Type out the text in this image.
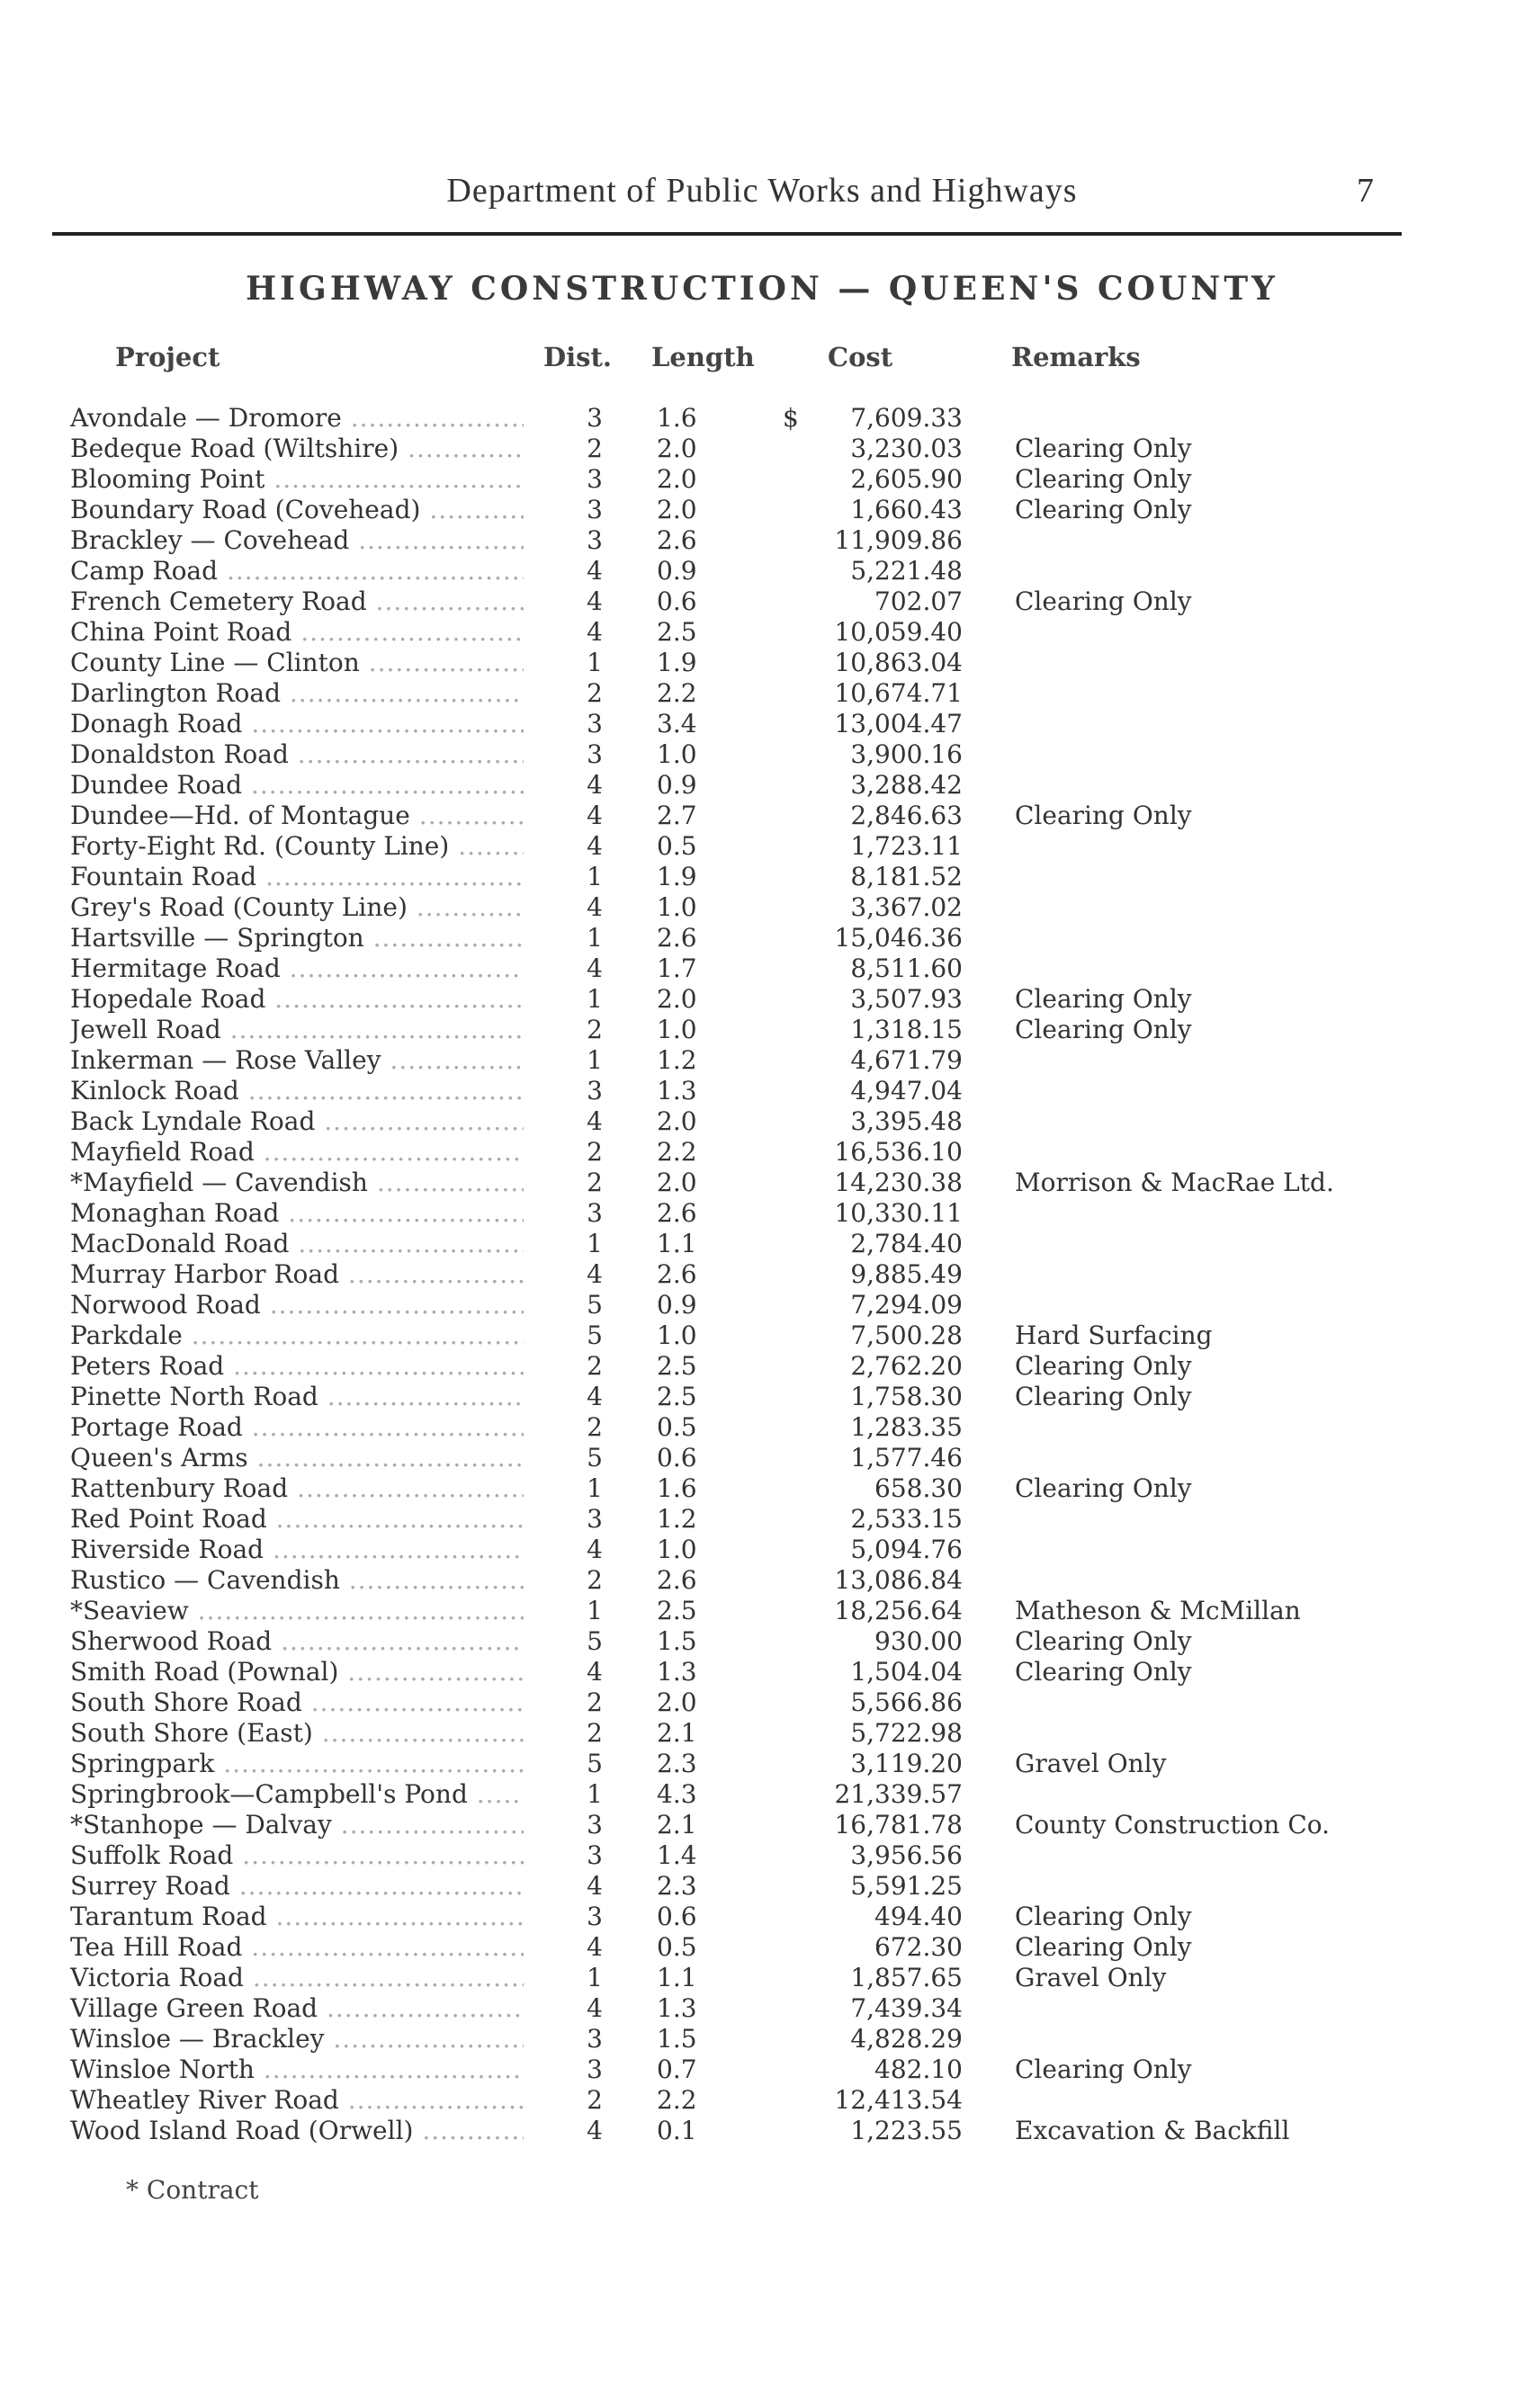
Department of Public Works and Highways	7
HIGHWAY CONSTRUCTION — QUEEN'S COUNTY
Project	Dist. Length	Cost	Remarks
$
Avondale — Dromore .....	3 1.6	7,609.33
Bedeque Road (Wiltshire) .....	2 2.0	3,230.03 Clearing Only
Blooming Point .....	3 2.0	2,605.90 Clearing Only
Boundary Road (Covehead) .....	3 2.0	1,660.43 Clearing Only
Brackley — Covehead .....	3 2.6	11,909.86
Camp Road .....	4 0.9	5,221.48
French Cemetery Road .....	4 0.6	702.07 Clearing Only
China Point Road .....	4 2.5	10,059.40
County Line — Clinton .....	1 1.9	10,863.04
Darlington Road .....	2 2.2	10,674.71
Donagh Road .....	3 3.4	13,004.47
Donaldston Road .....	3 1.0	3,900.16
Dundee Road .....	4 0.9	3,288.42
Dundee—Hd. of Montague .....	4 2.7	2,846.63 Clearing Only
Forty-Eight Rd. (County Line) .....	4 0.5	1,723.11
Fountain Road .....	1 1.9	8,181.52
Grey's Road (County Line) .....	4 1.0	3,367.02
Hartsville — Springton .....	1 2.6	15,046.36
Hermitage Road .....	4 1.7	8,511.60
Hopedale Road .....	1 2.0	3,507.93 Clearing Only
Jewell Road .....	2 1.0	1,318.15 Clearing Only
Inkerman — Rose Valley .....	1 1.2	4,671.79
Kinlock Road .....	3 1.3	4,947.04
Back Lyndale Road .....	4 2.0	3,395.48
Mayfield Road .....	2 2.2	16,536.10
*Mayfield — Cavendish .....	2 2.0	14,230.38 Morrison & MacRae Ltd.
Monaghan Road .....	3 2.6	10,330.11
MacDonald Road .....	1 1.1	2,784.40
Murray Harbor Road .....	4 2.6	9,885.49
Norwood Road .....	5 0.9	7,294.09
Parkdale .....	5 1.0	7,500.28 Hard Surfacing
Peters Road .....	2 2.5	2,762.20 Clearing Only
Pinette North Road .....	4 2.5	1,758.30 Clearing Only
Portage Road .....	2 0.5	1,283.35
Queen's Arms .....	5 0.6	1,577.46
Rattenbury Road .....	1 1.6	658.30 Clearing Only
Red Point Road .....	3 1.2	2,533.15
Riverside Road .....	4 1.0	5,094.76
Rustico — Cavendish .....	2 2.6	13,086.84
*Seaview .....	1 2.5	18,256.64 Matheson & McMillan
Sherwood Road .....	5 1.5	930.00 Clearing Only
Smith Road (Pownal) .....	4 1.3	1,504.04 Clearing Only
South Shore Road .....	2 2.0	5,566.86
South Shore (East) .....	2 2.1	5,722.98
Springpark .....	5 2.3	3,119.20 Gravel Only
Springbrook—Campbell's Pond .....	1 4.3	21,339.57
*Stanhope — Dalvay .....	3 2.1	16,781.78 County Construction Co.
Suffolk Road .....	3 1.4	3,956.56
Surrey Road .....	4 2.3	5,591.25
Tarantum Road .....	3 0.6	494.40 Clearing Only
Tea Hill Road .....	4 0.5	672.30 Clearing Only
Victoria Road .....	1 1.1	1,857.65 Gravel Only
Village Green Road .....	4 1.3	7,439.34
Winsloe — Brackley .....	3 1.5	4,828.29
Winsloe North .....	3 0.7	482.10 Clearing Only
Wheatley River Road .....	2 2.2	12,413.54
Wood Island Road (Orwell) .....	4 0.1	1,223.55 Excavation & Backfill
* Contract
